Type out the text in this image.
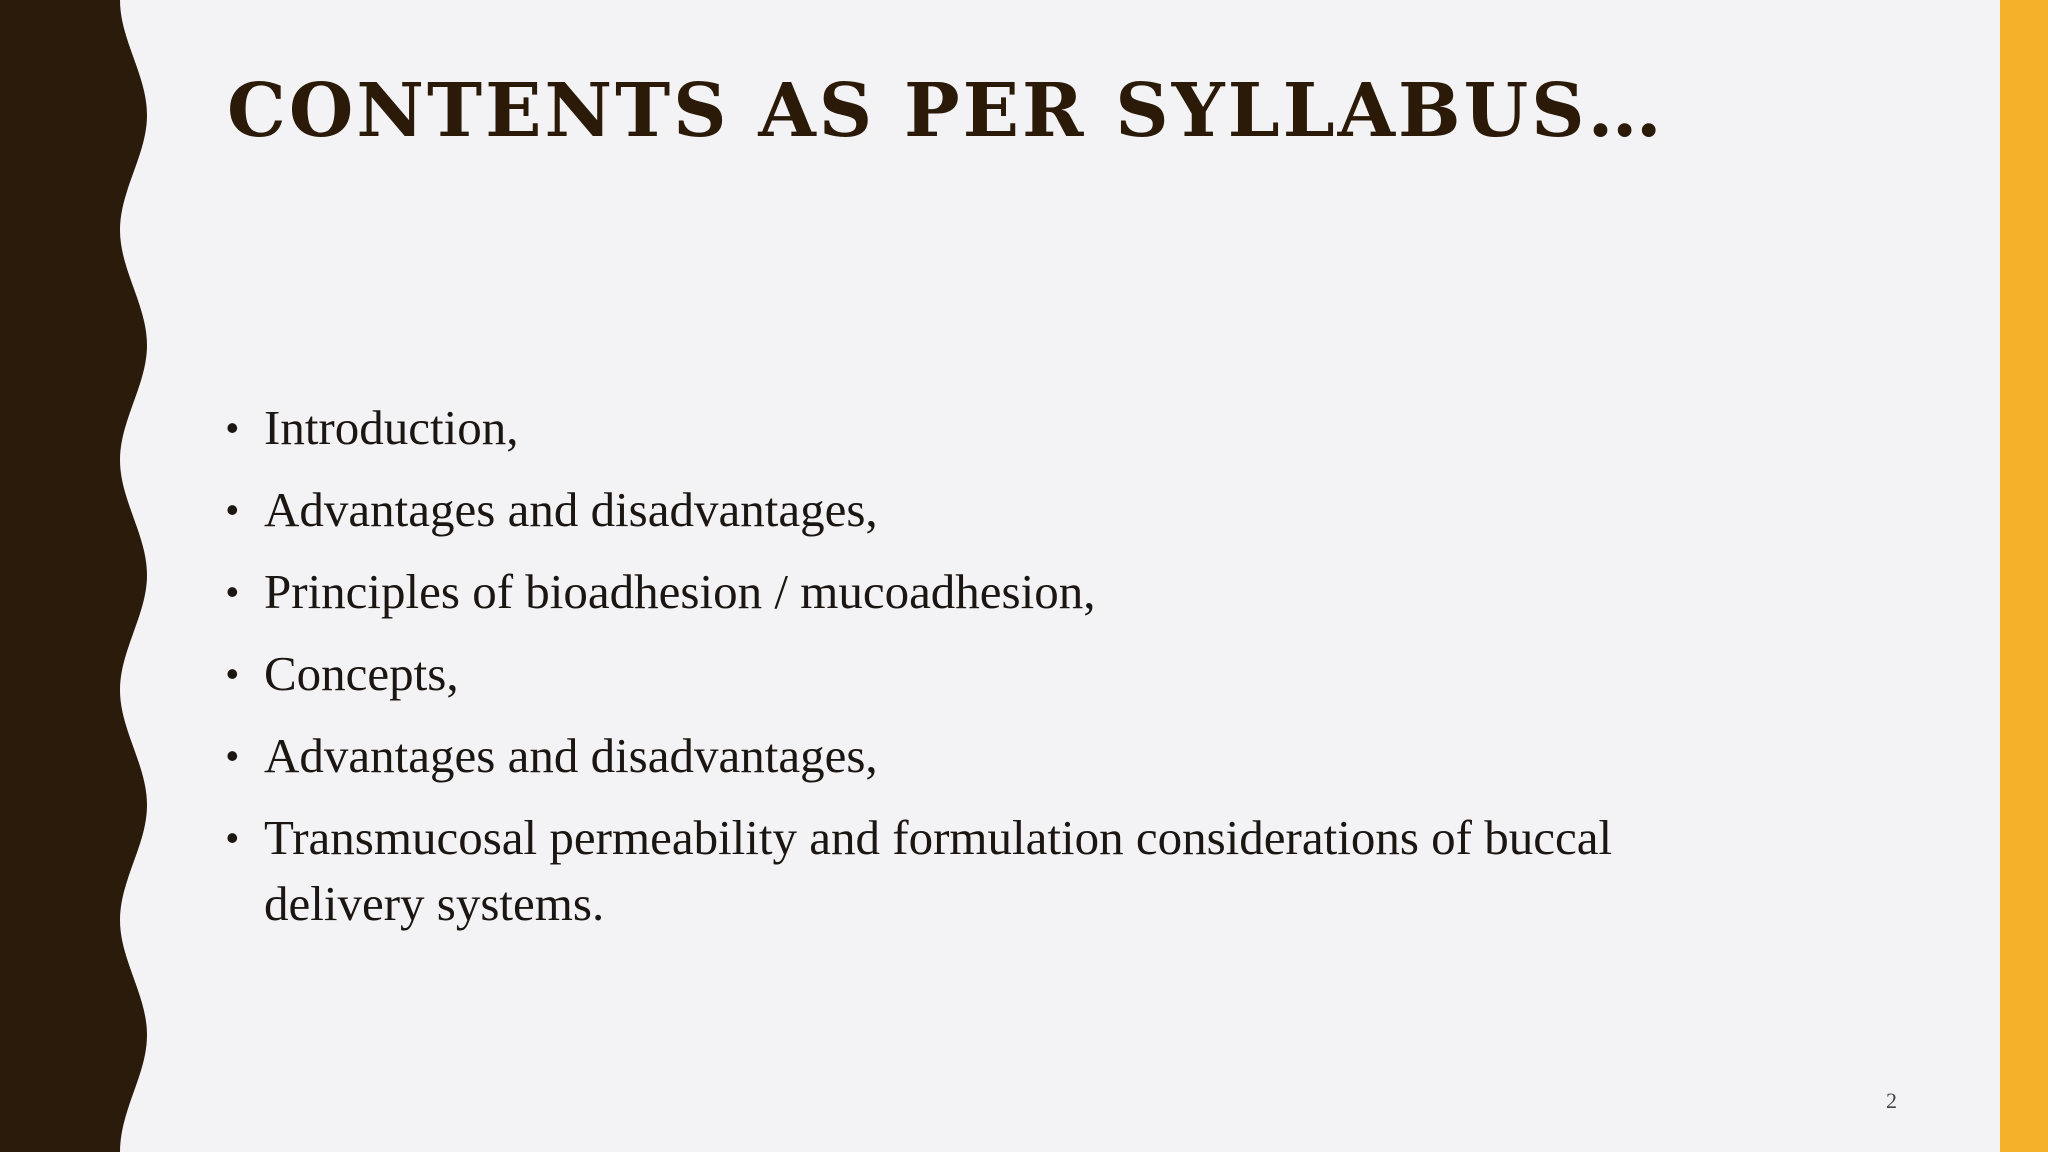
CONTENTS AS PER SYLLABUS…
• Introduction,
• Advantages and disadvantages,
• Principles of bioadhesion / mucoadhesion,
• Concepts,
• Advantages and disadvantages,
• Transmucosal permeability and formulation considerations of buccal delivery systems.
2
